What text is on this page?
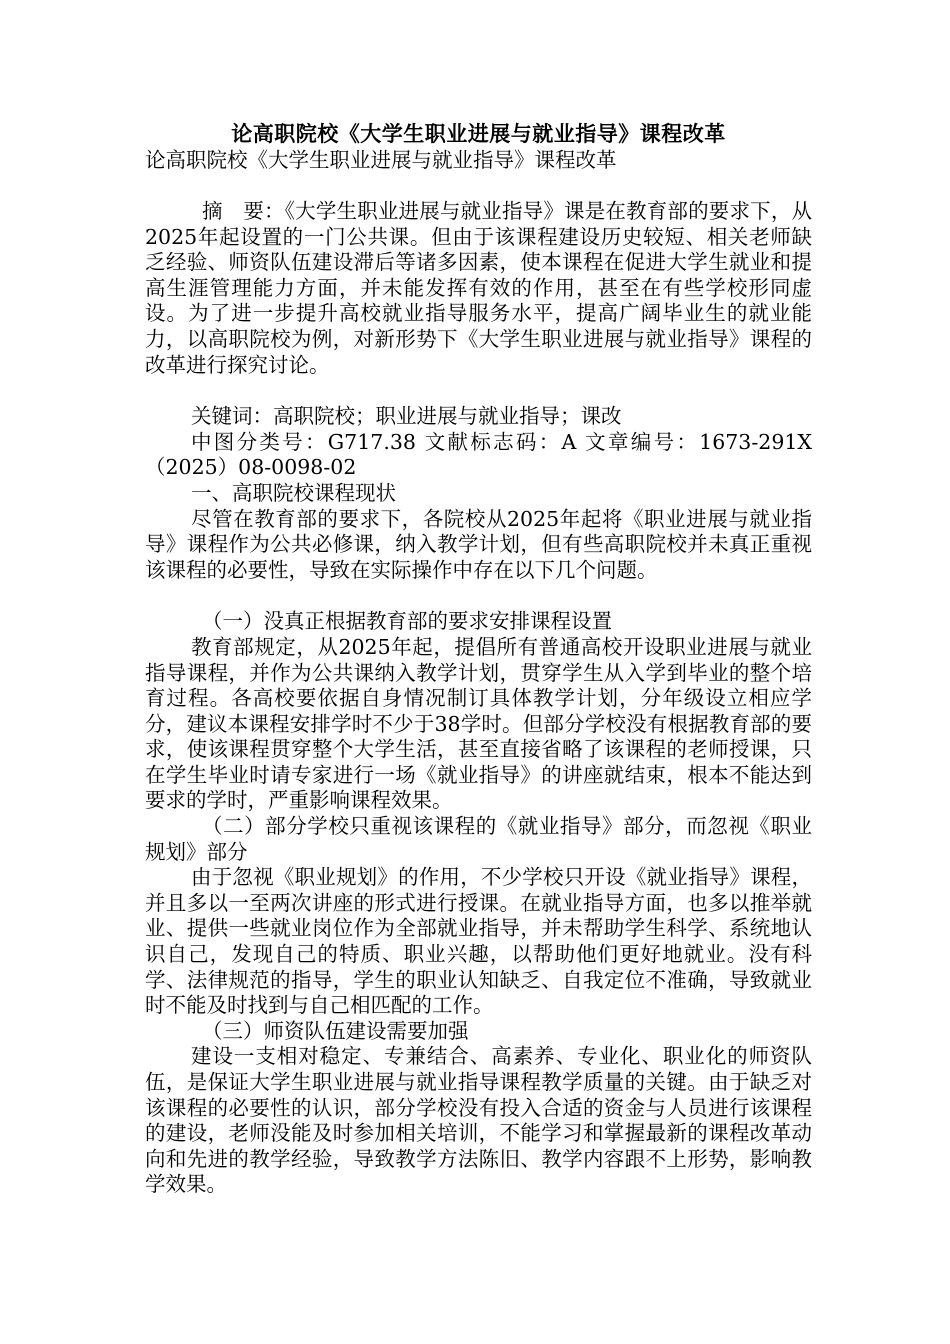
论高职院校《大学生职业进展与就业指导》课程改革
论高职院校《大学生职业进展与就业指导》课程改革

摘　要：《大学生职业进展与就业指导》课是在教育部的要求下，从2025年起设置的一门公共课。但由于该课程建设历史较短、相关老师缺乏经验、师资队伍建设滞后等诸多因素，使本课程在促进大学生就业和提高生涯管理能力方面，并未能发挥有效的作用，甚至在有些学校形同虚设。为了进一步提升高校就业指导服务水平，提高广阔毕业生的就业能力，以高职院校为例，对新形势下《大学生职业进展与就业指导》课程的改革进行探究讨论。

关键词：高职院校；职业进展与就业指导；课改

中图分类号：G717.38 文献标志码：A 文章编号：1673-291X（2025）08-0098-02

一、高职院校课程现状

尽管在教育部的要求下，各院校从2025年起将《职业进展与就业指导》课程作为公共必修课，纳入教学计划，但有些高职院校并未真正重视该课程的必要性，导致在实际操作中存在以下几个问题。

（一）没真正根据教育部的要求安排课程设置

教育部规定，从2025年起，提倡所有普通高校开设职业进展与就业指导课程，并作为公共课纳入教学计划，贯穿学生从入学到毕业的整个培育过程。各高校要依据自身情况制订具体教学计划，分年级设立相应学分，建议本课程安排学时不少于38学时。但部分学校没有根据教育部的要求，使该课程贯穿整个大学生活，甚至直接省略了该课程的老师授课，只在学生毕业时请专家进行一场《就业指导》的讲座就结束，根本不能达到要求的学时，严重影响课程效果。

（二）部分学校只重视该课程的《就业指导》部分，而忽视《职业规划》部分

由于忽视《职业规划》的作用，不少学校只开设《就业指导》课程，并且多以一至两次讲座的形式进行授课。在就业指导方面，也多以推举就业、提供一些就业岗位作为全部就业指导，并未帮助学生科学、系统地认识自己，发现自己的特质、职业兴趣，以帮助他们更好地就业。没有科学、法律规范的指导，学生的职业认知缺乏、自我定位不准确，导致就业时不能及时找到与自己相匹配的工作。

（三）师资队伍建设需要加强

建设一支相对稳定、专兼结合、高素养、专业化、职业化的师资队伍，是保证大学生职业进展与就业指导课程教学质量的关键。由于缺乏对该课程的必要性的认识，部分学校没有投入合适的资金与人员进行该课程的建设，老师没能及时参加相关培训，不能学习和掌握最新的课程改革动向和先进的教学经验，导致教学方法陈旧、教学内容跟不上形势，影响教学效果。
